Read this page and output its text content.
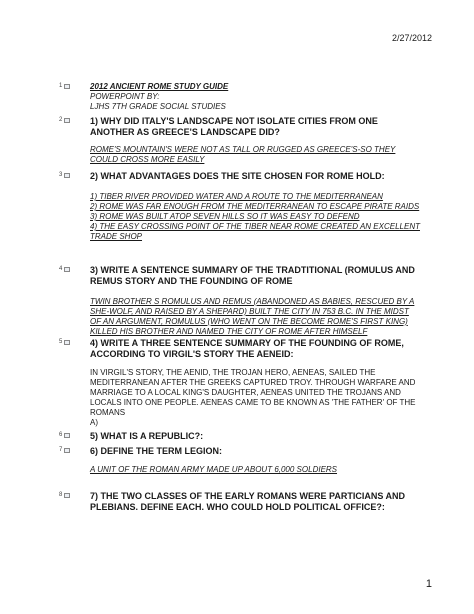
2/27/2012
1	2012 ANCIENT ROME STUDY GUIDE
POWERPOINT BY:
LJHS 7TH GRADE SOCIAL STUDIES
2	1) WHY DID ITALY'S LANDSCAPE NOT ISOLATE CITIES FROM ONE
ANOTHER AS GREECE'S LANDSCAPE DID?
ROME'S MOUNTAIN'S WERE NOT AS TALL OR RUGGED AS GREECE'S-SO THEY
COULD CROSS MORE EASILY
3	2) WHAT ADVANTAGES DOES THE SITE CHOSEN FOR ROME HOLD:
1) TIBER RIVER PROVIDED WATER AND A ROUTE TO THE MEDITERRANEAN
2) ROME WAS FAR ENOUGH FROM THE MEDITERRANEAN TO ESCAPE PIRATE RAIDS
3) ROME WAS BUILT ATOP SEVEN HILLS SO IT WAS EASY TO DEFEND
4) THE EASY CROSSING POINT OF THE TIBER NEAR ROME CREATED AN EXCELLENT
TRADE SHOP
4	3) WRITE A SENTENCE SUMMARY OF THE TRADTITIONAL (ROMULUS AND
REMUS STORY AND THE FOUNDING OF ROME
TWIN BROTHER S ROMULUS AND REMUS (ABANDONED AS BABIES, RESCUED BY A
SHE-WOLF, AND RAISED BY A SHEPARD) BUILT THE CITY IN 753 B.C. IN THE MIDST
OF AN ARGUMENT, ROMULUS (WHO WENT ON THE BECOME ROME'S FIRST KING)
KILLED HIS BROTHER AND NAMED THE CITY OF ROME AFTER HIMSELF
5	4) WRITE A THREE SENTENCE SUMMARY OF THE FOUNDING OF ROME,
ACCORDING TO VIRGIL'S STORY THE AENEID:
IN VIRGIL'S STORY, THE AENID, THE TROJAN HERO, AENEAS, SAILED THE
MEDITERRANEAN AFTER THE GREEKS CAPTURED TROY. THROUGH WARFARE AND
MARRIAGE TO A LOCAL KING'S DAUGHTER, AENEAS UNITED THE TROJANS AND
LOCALS INTO ONE PEOPLE. AENEAS CAME TO BE KNOWN AS 'THE FATHER' OF THE
ROMANS
A)
6	5) WHAT IS A REPUBLIC?:
7	6) DEFINE THE TERM LEGION:
A UNIT OF THE ROMAN ARMY MADE UP ABOUT 6,000 SOLDIERS
8	7) THE TWO CLASSES OF THE EARLY ROMANS WERE PARTICIANS AND
PLEBIANS. DEFINE EACH. WHO COULD HOLD POLITICAL OFFICE?:
1
